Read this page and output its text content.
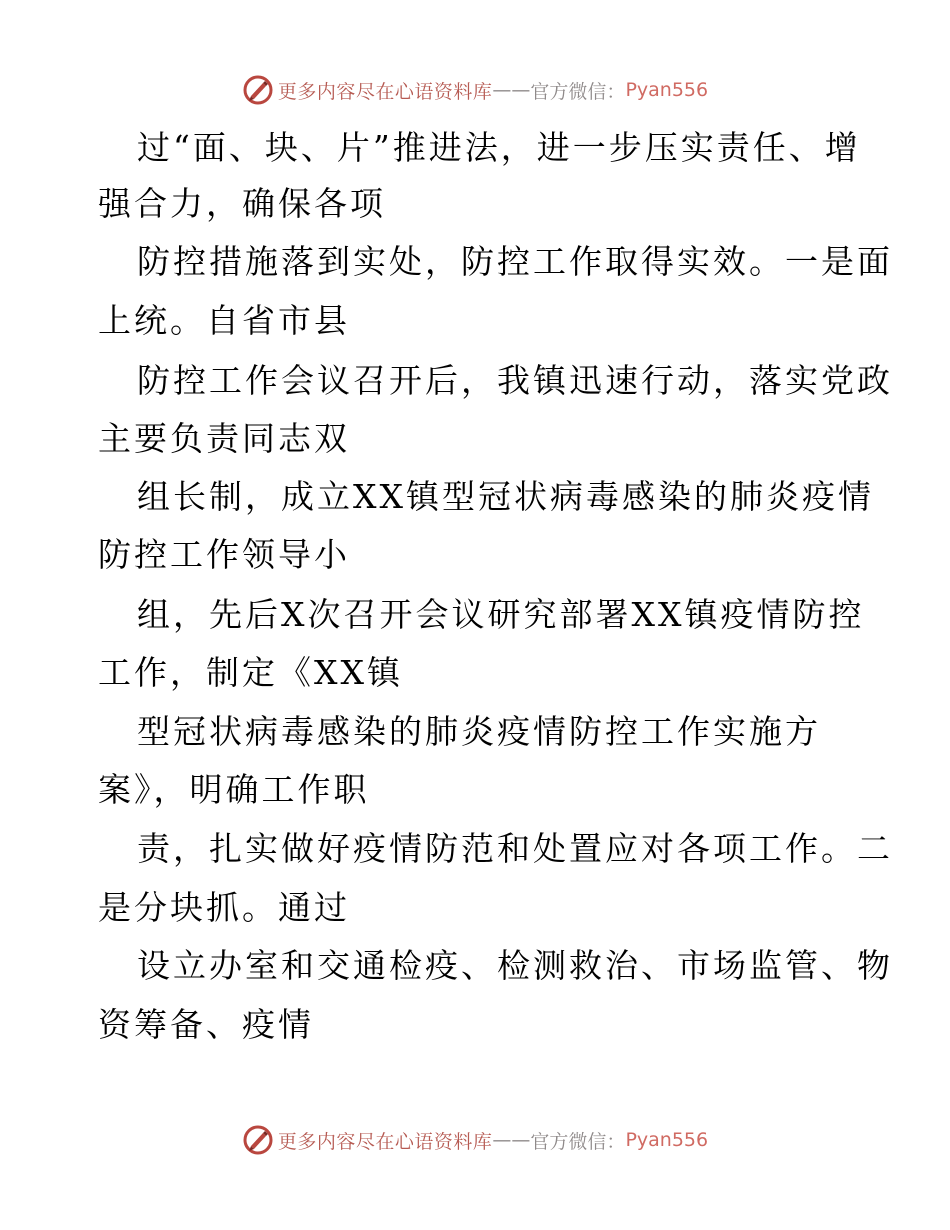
更多内容尽在心语资料库 —— 官方微信： Pyan556
过“面、块、片”推进法，进一步压实责任、增
强合力，确保各项
防控措施落到实处，防控工作取得实效。一是面
上统。自省市县
防控工作会议召开后，我镇迅速行动，落实党政
主要负责同志双
组长制，成立XX镇型冠状病毒感染的肺炎疫情
防控工作领导小
组，先后X次召开会议研究部署XX镇疫情防控
工作，制定《XX镇
型冠状病毒感染的肺炎疫情防控工作实施方
案》，明确工作职
责，扎实做好疫情防范和处置应对各项工作。二
是分块抓。通过
设立办室和交通检疫、检测救治、市场监管、物
资筹备、疫情
更多内容尽在心语资料库 —— 官方微信： Pyan556
